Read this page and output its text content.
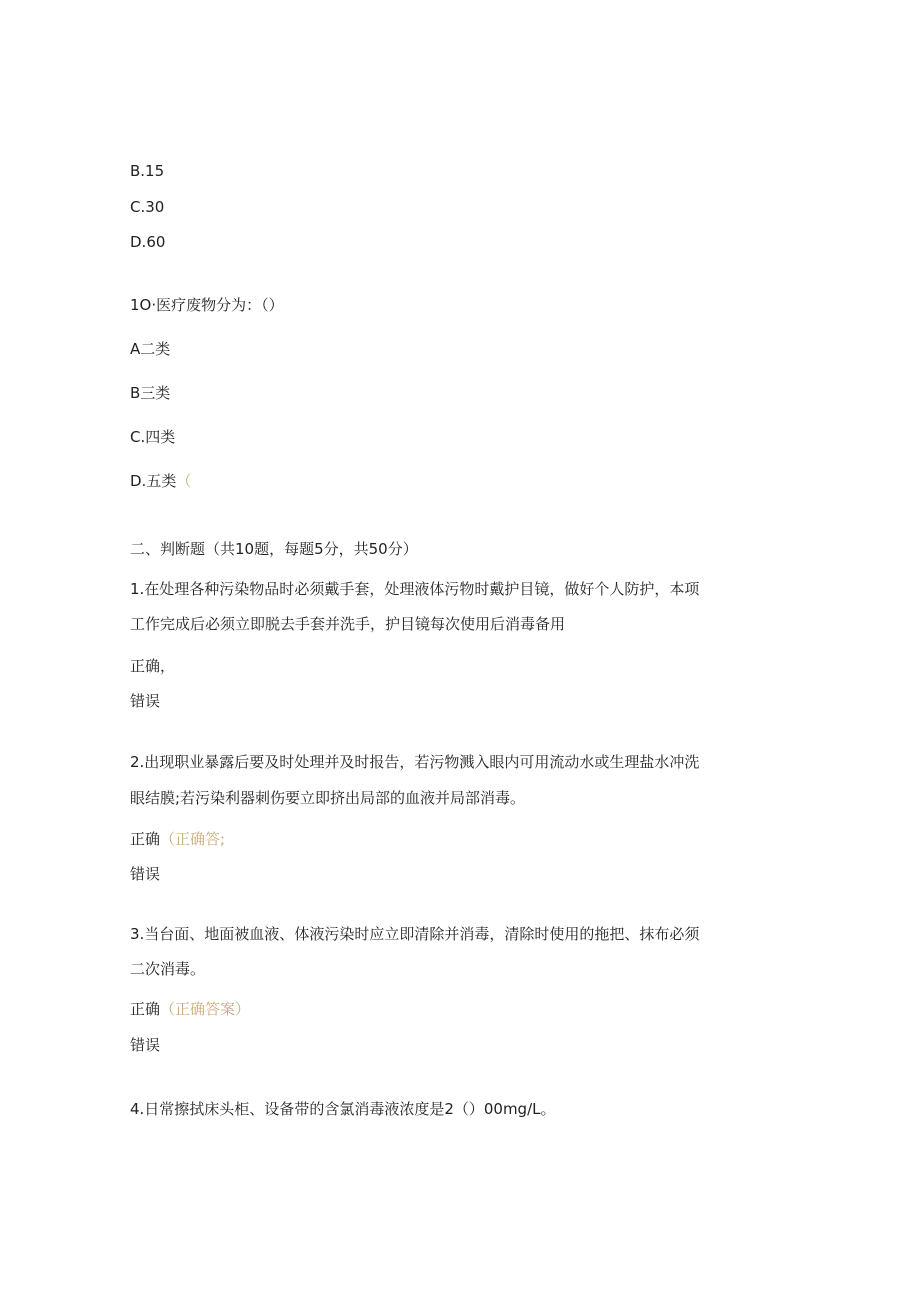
B.15
C.30
D.60
1O·医疗废物分为：（）
A二类
B三类
C.四类
D.五类（
二、判断题（共10题，每题5分，共50分）
1.在处理各种污染物品时必须戴手套，处理液体污物时戴护目镜，做好个人防护，本项
工作完成后必须立即脱去手套并洗手，护目镜每次使用后消毒备用
正确，
错误
2.出现职业暴露后要及时处理并及时报告，若污物溅入眼内可用流动水或生理盐水冲洗
眼结膜;若污染利器刺伤要立即挤出局部的血液并局部消毒。
正确（正确答;
错误
3.当台面、地面被血液、体液污染时应立即清除并消毒，清除时使用的拖把、抹布必须
二次消毒。
正确（正确答案）
错误
4.日常擦拭床头柜、设备带的含氯消毒液浓度是2（）00mg∕L。
